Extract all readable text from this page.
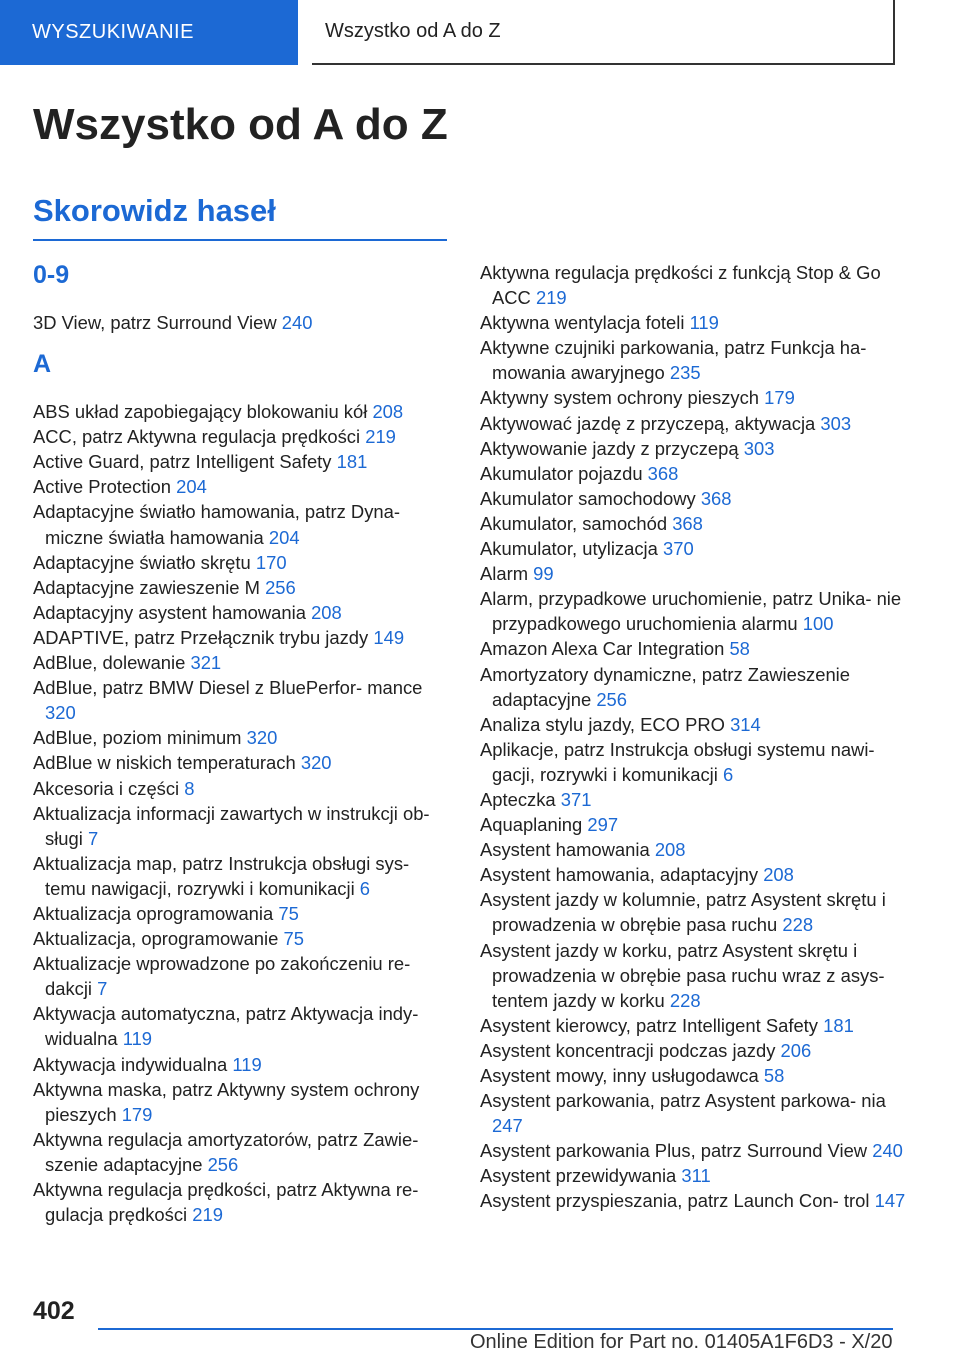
WYSZUKIWANIE	Wszystko od A do Z
Wszystko od A do Z
Skorowidz haseł
0-9
3D View, patrz Surround View 240
A
ABS układ zapobiegający blokowaniu kół 208
ACC, patrz Aktywna regulacja prędkości 219
Active Guard, patrz Intelligent Safety 181
Active Protection 204
Adaptacyjne światło hamowania, patrz Dyna‐ miczne światła hamowania 204
Adaptacyjne światło skrętu 170
Adaptacyjne zawieszenie M 256
Adaptacyjny asystent hamowania 208
ADAPTIVE, patrz Przełącznik trybu jazdy 149
AdBlue, dolewanie 321
AdBlue, patrz BMW Diesel z BluePerfor‐ mance 320
AdBlue, poziom minimum 320
AdBlue w niskich temperaturach 320
Akcesoria i części 8
Aktualizacja informacji zawartych w instrukcji ob‐ sługi 7
Aktualizacja map, patrz Instrukcja obsługi sys‐ temu nawigacji, rozrywki i komunikacji 6
Aktualizacja oprogramowania 75
Aktualizacja, oprogramowanie 75
Aktualizacje wprowadzone po zakończeniu re‐ dakcji 7
Aktywacja automatyczna, patrz Aktywacja indy‐ widualna 119
Aktywacja indywidualna 119
Aktywna maska, patrz Aktywny system ochrony pieszych 179
Aktywna regulacja amortyzatorów, patrz Zawie‐ szenie adaptacyjne 256
Aktywna regulacja prędkości, patrz Aktywna re‐ gulacja prędkości 219
Aktywna regulacja prędkości z funkcją Stop & Go ACC 219
Aktywna wentylacja foteli 119
Aktywne czujniki parkowania, patrz Funkcja ha‐ mowania awaryjnego 235
Aktywny system ochrony pieszych 179
Aktywować jazdę z przyczepą, aktywacja 303
Aktywowanie jazdy z przyczepą 303
Akumulator pojazdu 368
Akumulator samochodowy 368
Akumulator, samochód 368
Akumulator, utylizacja 370
Alarm 99
Alarm, przypadkowe uruchomienie, patrz Unika‐ nie przypadkowego uruchomienia alarmu 100
Amazon Alexa Car Integration 58
Amortyzatory dynamiczne, patrz Zawieszenie adaptacyjne 256
Analiza stylu jazdy, ECO PRO 314
Aplikacje, patrz Instrukcja obsługi systemu nawi‐ gacji, rozrywki i komunikacji 6
Apteczka 371
Aquaplaning 297
Asystent hamowania 208
Asystent hamowania, adaptacyjny 208
Asystent jazdy w kolumnie, patrz Asystent skrętu i prowadzenia w obrębie pasa ruchu 228
Asystent jazdy w korku, patrz Asystent skrętu i prowadzenia w obrębie pasa ruchu wraz z asys‐ tentem jazdy w korku 228
Asystent kierowcy, patrz Intelligent Safety 181
Asystent koncentracji podczas jazdy 206
Asystent mowy, inny usługodawca 58
Asystent parkowania, patrz Asystent parkowa‐ nia 247
Asystent parkowania Plus, patrz Surround View 240
Asystent przewidywania 311
Asystent przyspieszania, patrz Launch Con‐ trol 147
402
Online Edition for Part no. 01405A1F6D3 - X/20
